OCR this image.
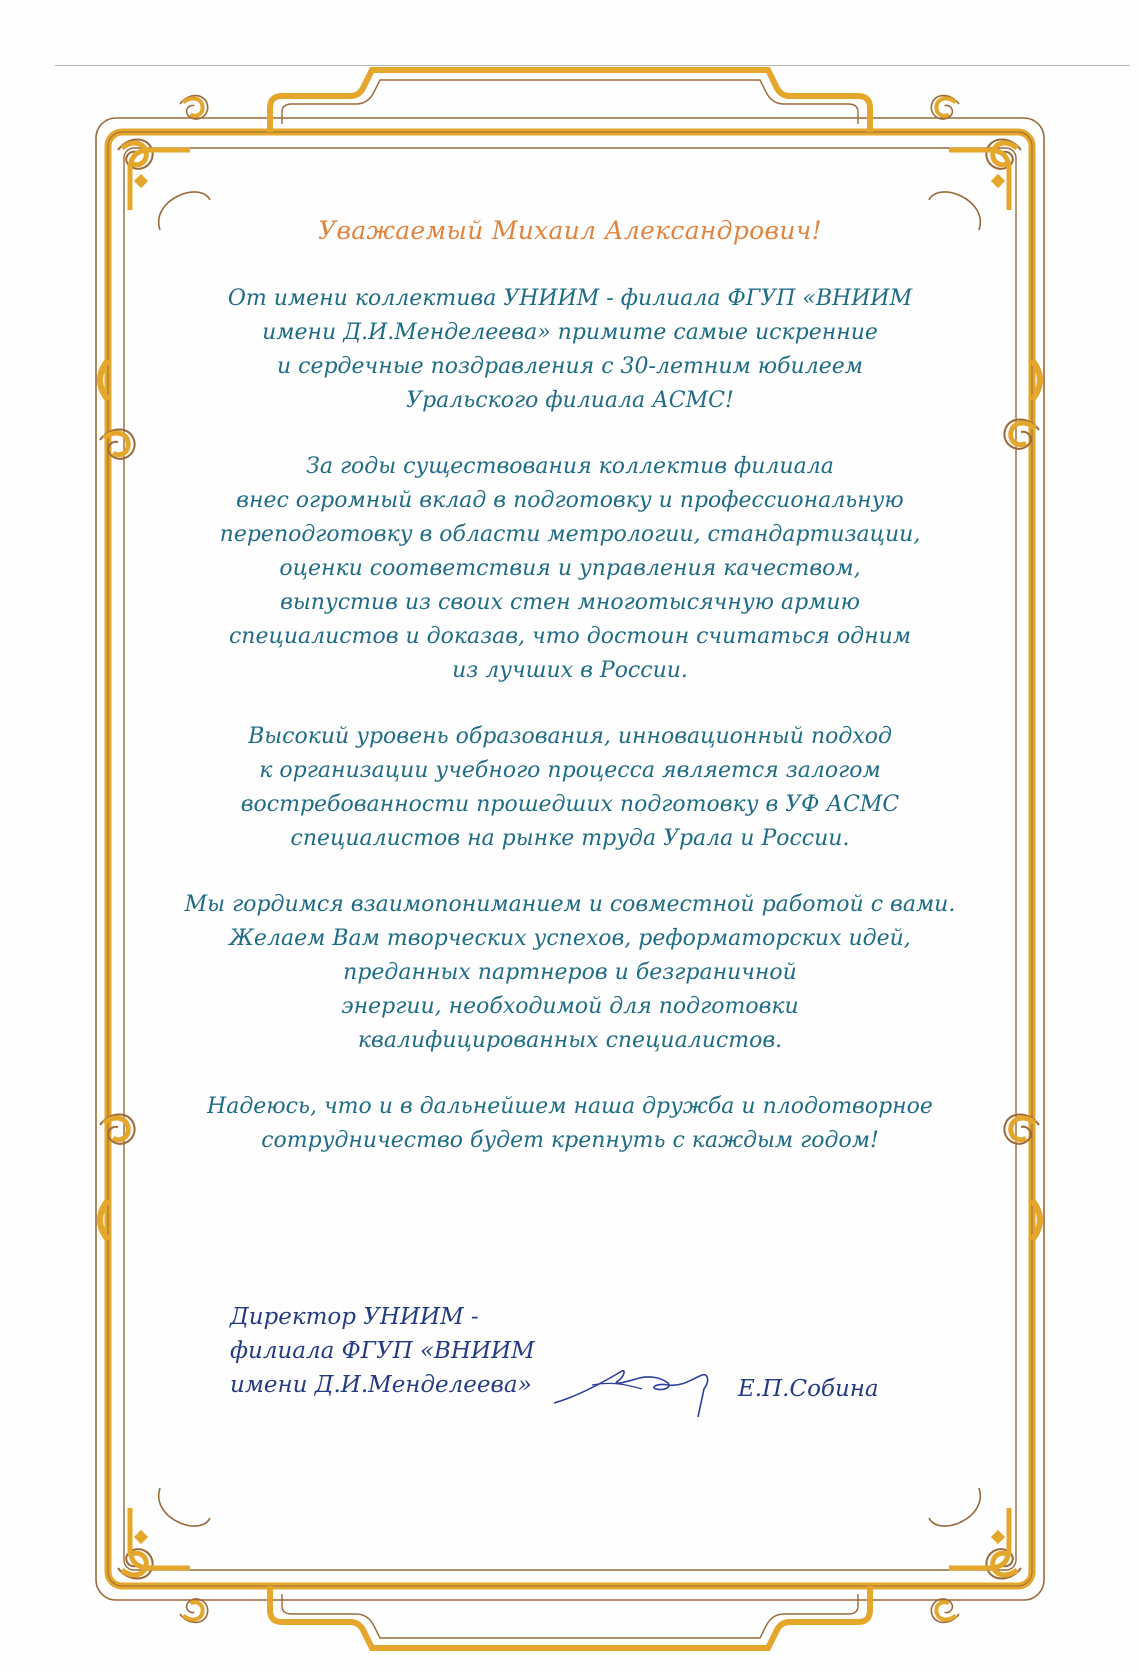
Уважаемый Михаил Александрович!
От имени коллектива УНИИМ - филиала ФГУП «ВНИИМ
имени Д.И.Менделеева» примите самые искренние
и сердечные поздравления с 30-летним юбилеем
Уральского филиала АСМС!
За годы существования коллектив филиала
внес огромный вклад в подготовку и профессиональную
переподготовку в области метрологии, стандартизации,
оценки соответствия и управления качеством,
выпустив из своих стен многотысячную армию
специалистов и доказав, что достоин считаться одним
из лучших в России.
Высокий уровень образования, инновационный подход
к организации учебного процесса является залогом
востребованности прошедших подготовку в УФ АСМС
специалистов на рынке труда Урала и России.
Мы гордимся взаимопониманием и совместной работой с вами.
Желаем Вам творческих успехов, реформаторских идей,
преданных партнеров и безграничной
энергии, необходимой для подготовки
квалифицированных специалистов.
Надеюсь, что и в дальнейшем наша дружба и плодотворное
сотрудничество будет крепнуть с каждым годом!
Директор УНИИМ -
филиала ФГУП «ВНИИМ
имени Д.И.Менделеева»	Е.П.Собина
